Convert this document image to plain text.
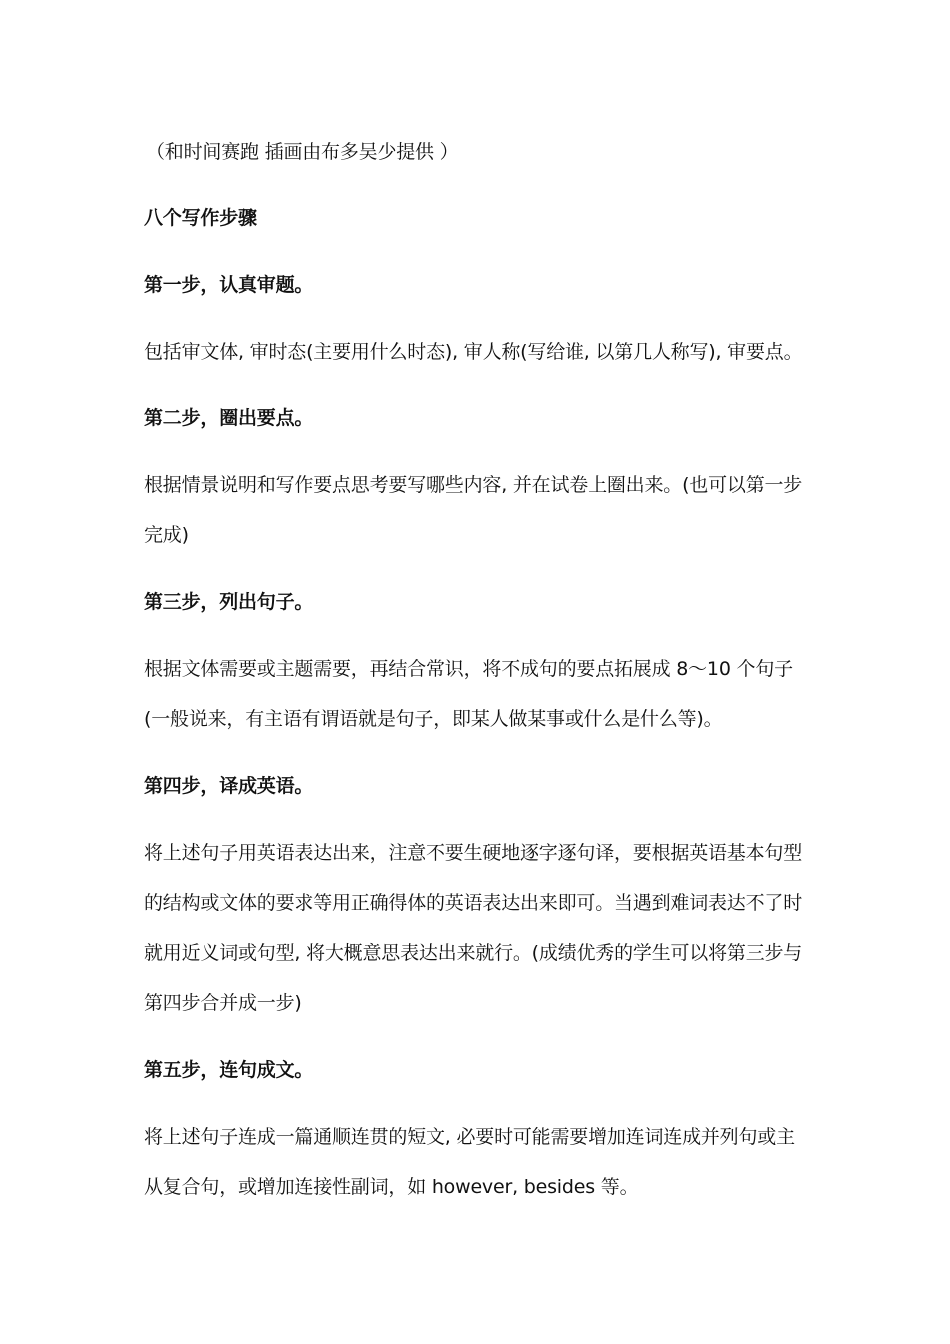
（和时间赛跑 插画由布多吴少提供 ）
八个写作步骤
第一步，认真审题。
包括审文体, 审时态(主要用什么时态), 审人称(写给谁, 以第几人称写), 审要点。
第二步，圈出要点。
根据情景说明和写作要点思考要写哪些内容, 并在试卷上圈出来。(也可以第一步
完成)
第三步，列出句子。
根据文体需要或主题需要，再结合常识，将不成句的要点拓展成 8～10 个句子
(一般说来，有主语有谓语就是句子，即某人做某事或什么是什么等)。
第四步，译成英语。
将上述句子用英语表达出来，注意不要生硬地逐字逐句译，要根据英语基本句型
的结构或文体的要求等用正确得体的英语表达出来即可。当遇到难词表达不了时
就用近义词或句型, 将大概意思表达出来就行。(成绩优秀的学生可以将第三步与
第四步合并成一步)
第五步，连句成文。
将上述句子连成一篇通顺连贯的短文, 必要时可能需要增加连词连成并列句或主
从复合句，或增加连接性副词，如 however, besides 等。
